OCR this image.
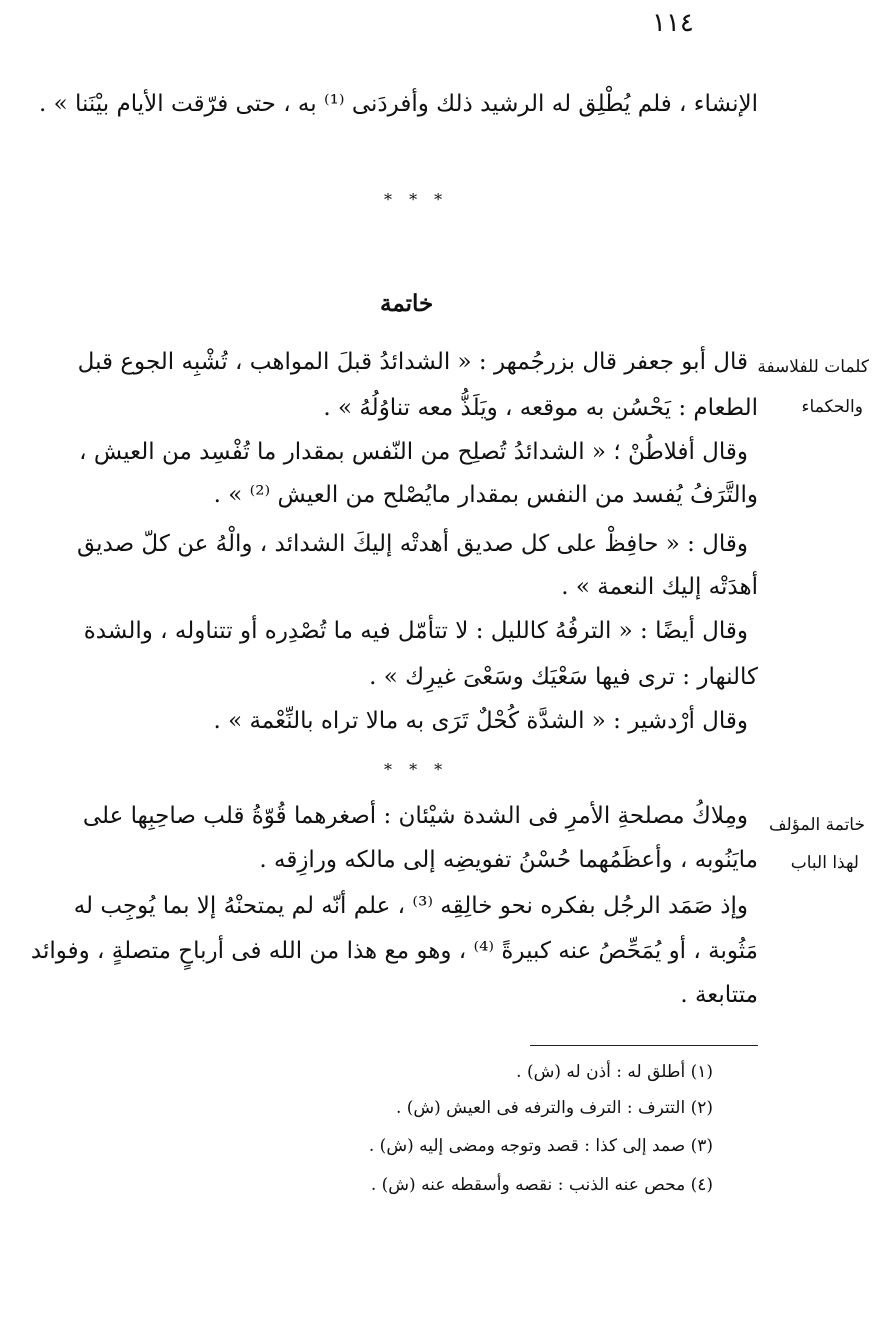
١١٤
الإنشاء ، فلم يُطْلِق له الرشيد ذلك وأفردَنى ⁽¹⁾ به ، حتى فرّقت الأيام بيْنَنا » .
* * *
خاتمة
كلمات للفلاسفة
والحكماء
قال أبو جعفر قال بزرجُمهر : « الشدائدُ قبلَ المواهب ، تُشْبِه الجوع قبل
الطعام : يَحْسُن به موقعه ، ويَلَذُّ معه تناوُلُهُ » .
وقال أفلاطُنْ ؛ « الشدائدُ تُصلِح من النّفس بمقدار ما تُفْسِد من العيش ،
والتَّرَفُ يُفسد من النفس بمقدار مايُصْلح من العيش ⁽²⁾ » .
وقال : « حافِظْ على كل صديق أهدتْه إليكَ الشدائد ، والْهُ عن كلّ صديق
أهدَتْه إليك النعمة » .
وقال أيضًا : « الترفُهُ كالليل : لا تتأمّل فيه ما تُصْدِره أو تتناوله ، والشدة
كالنهار : ترى فيها سَعْيَك وسَعْىَ غيرِك » .
وقال أرْدشير : « الشدَّة كُحْلٌ تَرَى به مالا تراه بالنِّعْمة » .
* * *
خاتمة المؤلف
لهذا الباب
ومِلاكُ مصلحةِ الأمرِ فى الشدة شيْئان : أصغرهما قُوّةُ قلب صاحِبِها على
مايَنُوبه ، وأعظَمُهما حُسْنُ تفويضِه إلى مالكه ورازِقه .
وإذ صَمَد الرجُل بفكره نحو خالِقِه ⁽³⁾ ، علم أنّه لم يمتحنْهُ إلا بما يُوجِب له
مَثُوبة ، أو يُمَحِّصُ عنه كبيرةً ⁽⁴⁾ ، وهو مع هذا من الله فى أرباحٍ متصلةٍ ، وفوائد
متتابعة .
(١) أطلق له : أذن له (ش) .
(٢) التترف : الترف والترفه فى العيش (ش) .
(٣) صمد إلى كذا : قصد وتوجه ومضى إليه (ش) .
(٤) محص عنه الذنب : نقصه وأسقطه عنه (ش) .
